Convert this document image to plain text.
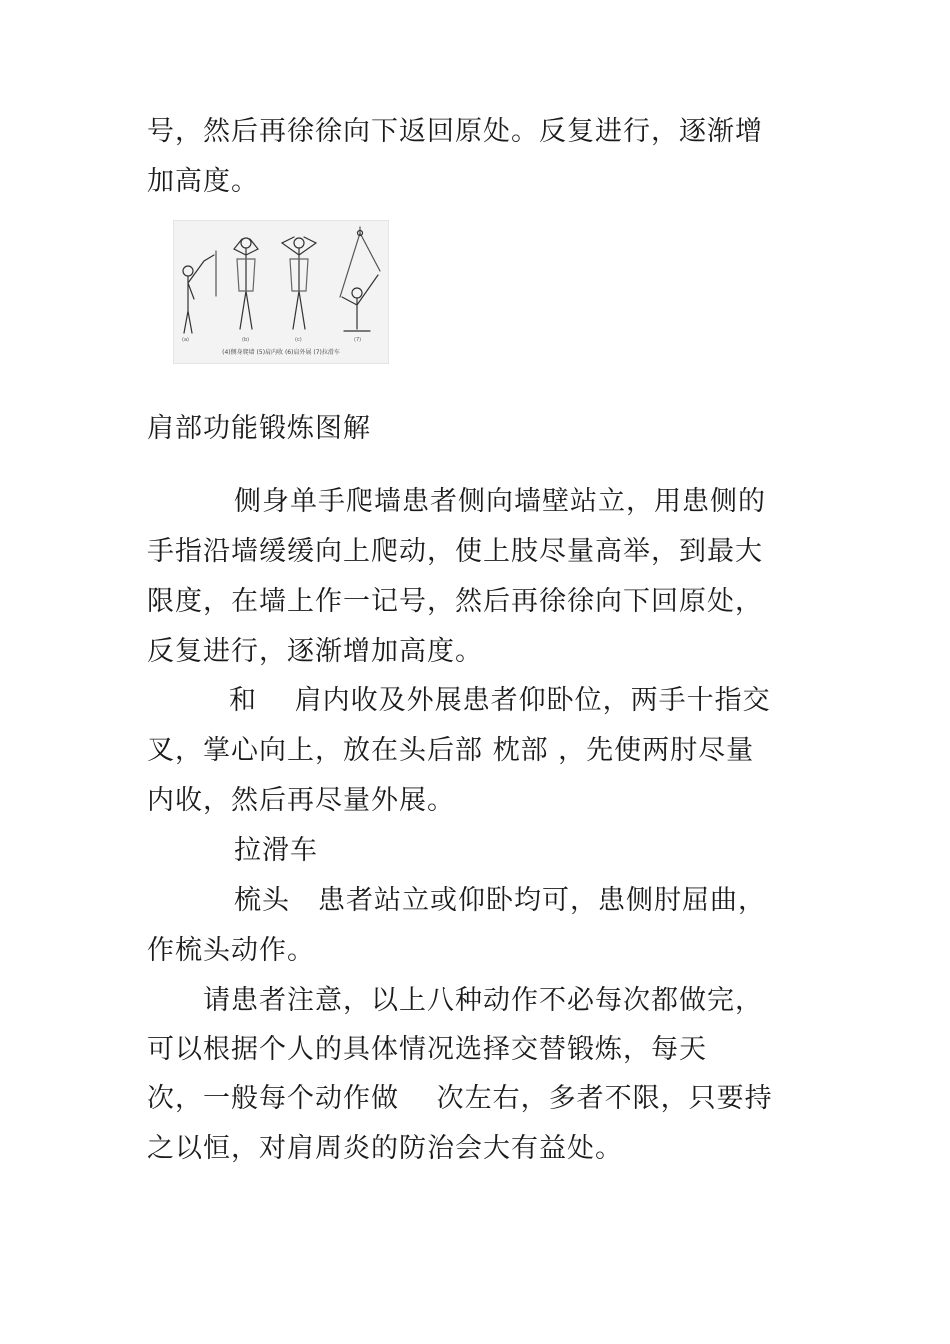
号，然后再徐徐向下返回原处。反复进行，逐渐增
加高度。
(a)	(b)	(c)	(7)
(4)侧身爬墙 (5)肩内收 (6)肩外展 (7)拉滑车
肩部功能锻炼图解
侧身单手爬墙患者侧向墙壁站立，用患侧的
手指沿墙缓缓向上爬动，使上肢尽量高举，到最大
限度，在墙上作一记号，然后再徐徐向下回原处，
反复进行，逐渐增加高度。
和　 肩内收及外展患者仰卧位，两手十指交
叉，掌心向上，放在头后部 枕部 ，先使两肘尽量
内收，然后再尽量外展。
拉滑车
梳头　患者站立或仰卧均可，患侧肘屈曲，
作梳头动作。
请患者注意，以上八种动作不必每次都做完，
可以根据个人的具体情况选择交替锻炼，每天
次，一般每个动作做　 次左右，多者不限，只要持
之以恒，对肩周炎的防治会大有益处。
